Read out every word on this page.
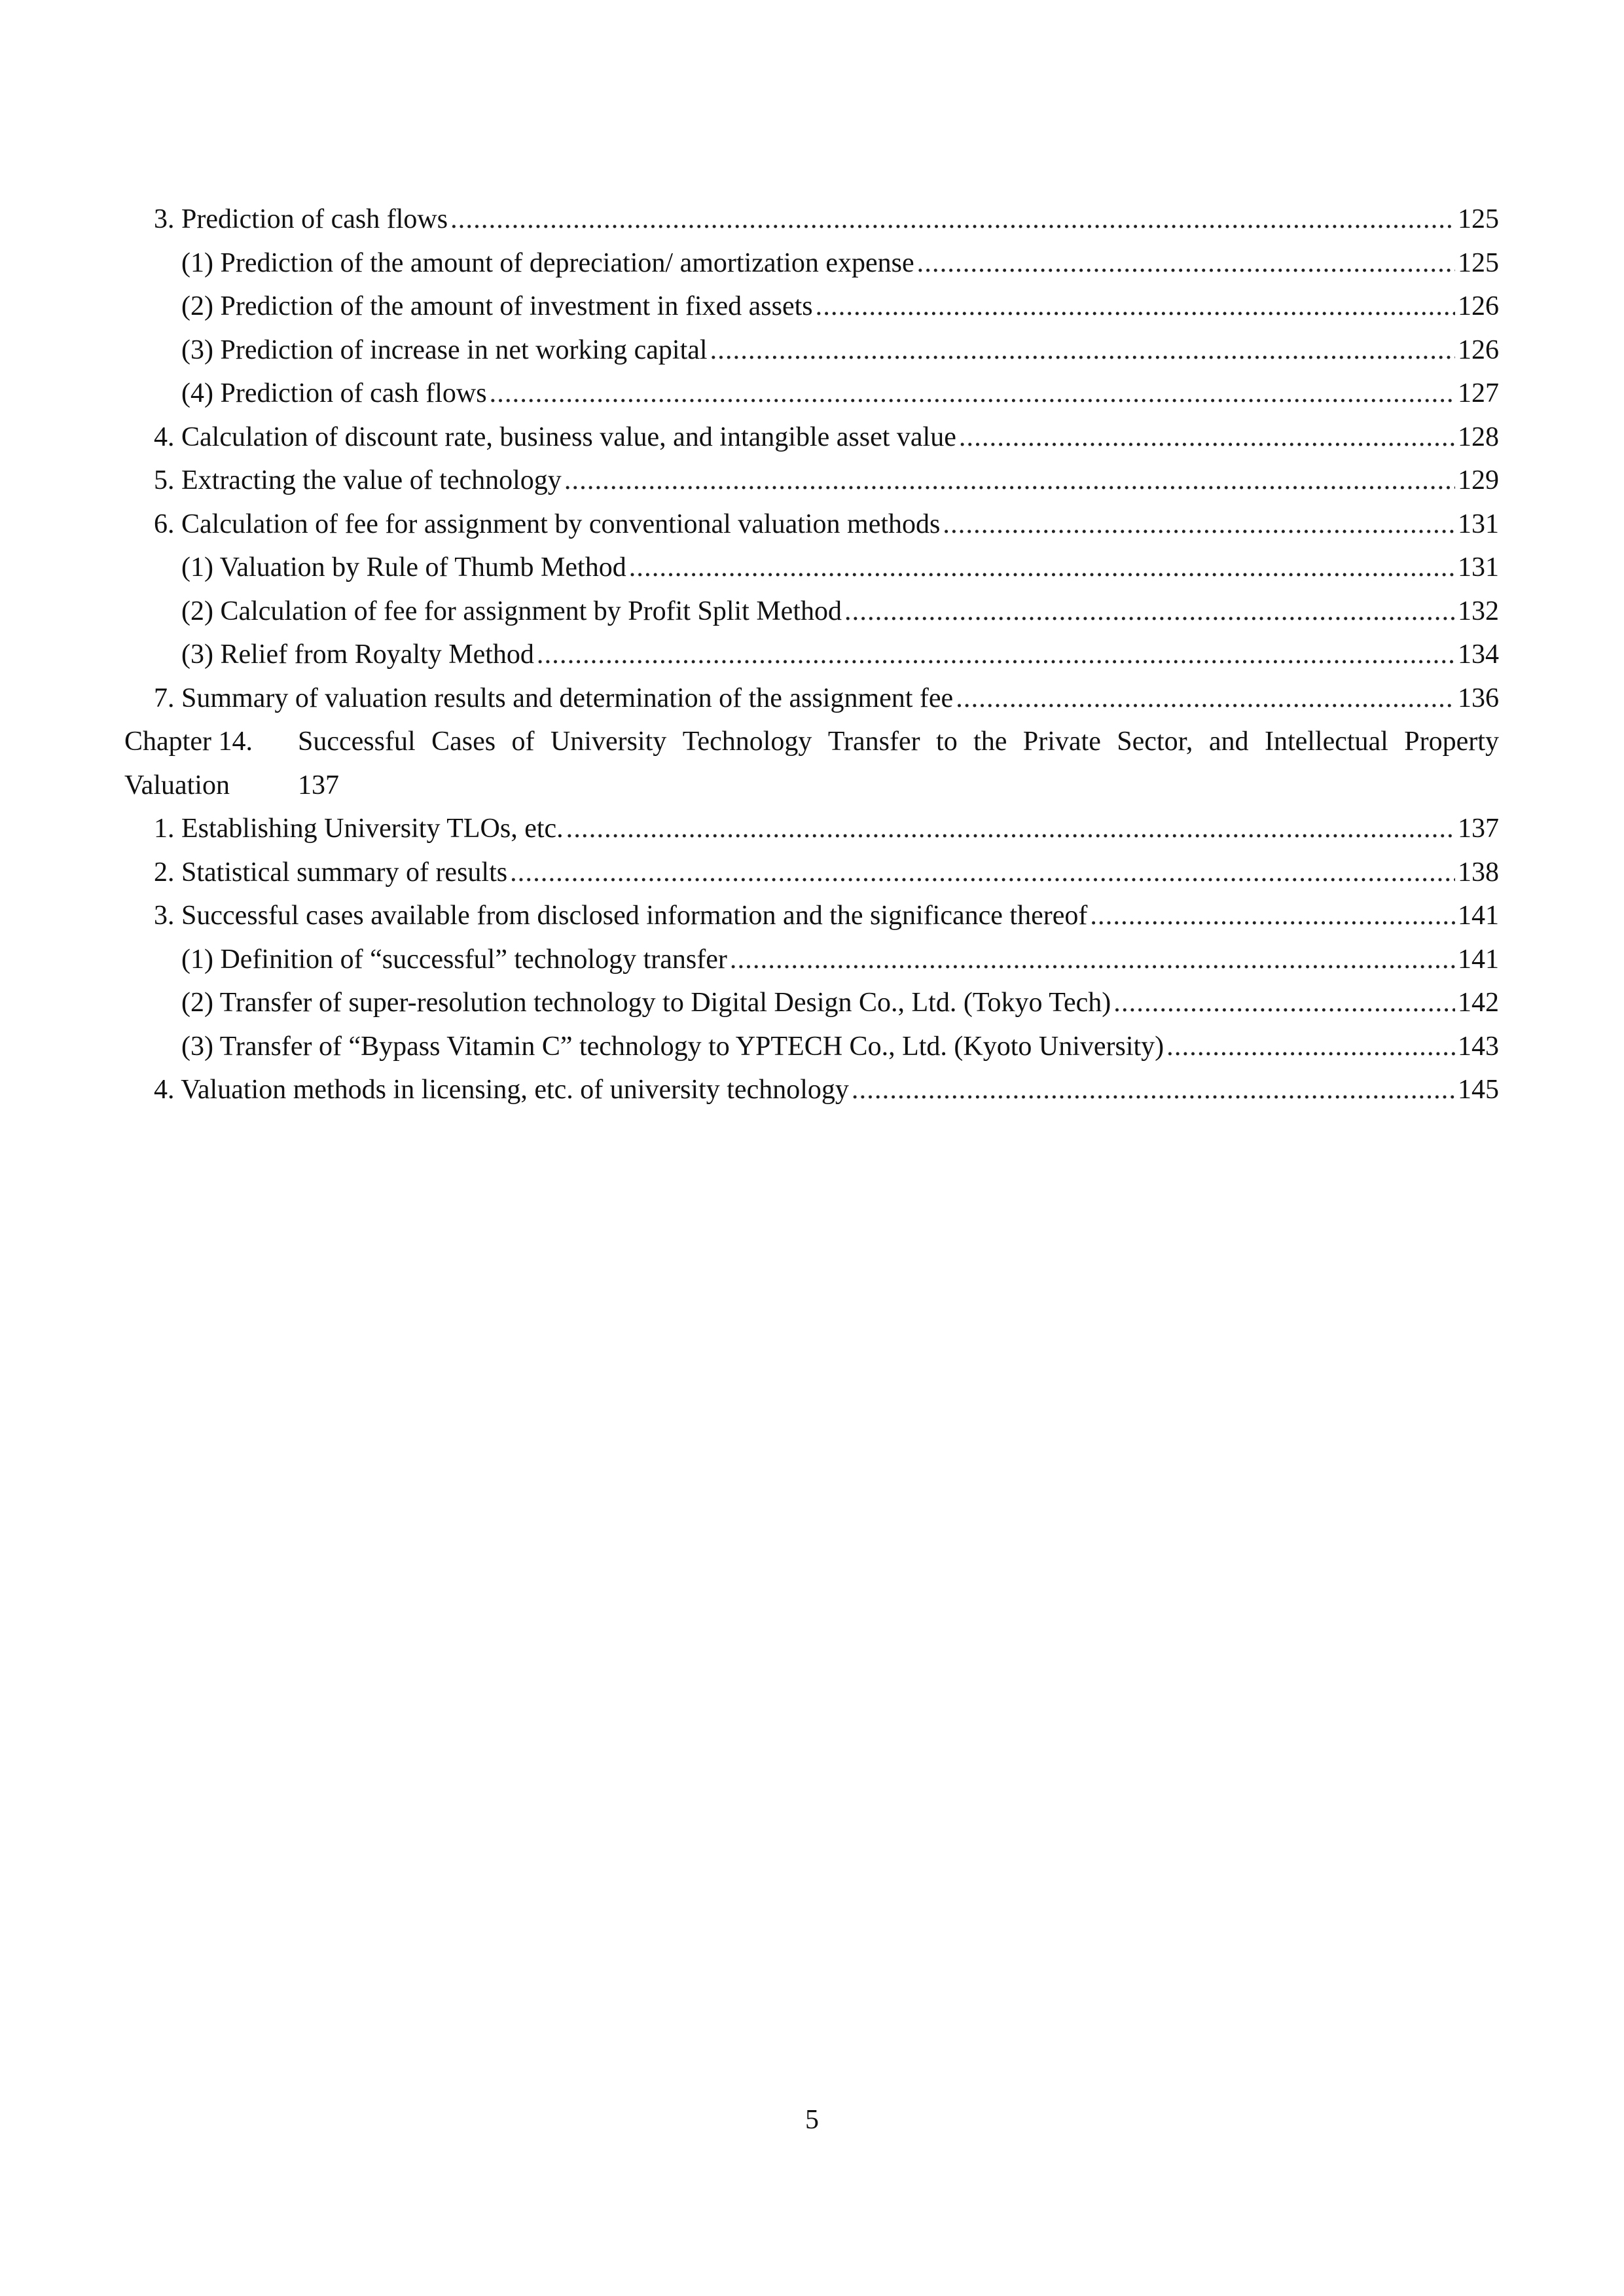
3. Prediction of cash flows .....	125
(1) Prediction of the amount of depreciation/ amortization expense .....	125
(2) Prediction of the amount of investment in fixed assets .....	126
(3) Prediction of increase in net working capital .....	126
(4) Prediction of cash flows .....	127
4. Calculation of discount rate, business value, and intangible asset value .....	128
5. Extracting the value of technology .....	129
6. Calculation of fee for assignment by conventional valuation methods .....	131
(1) Valuation by Rule of Thumb Method .....	131
(2) Calculation of fee for assignment by Profit Split Method .....	132
(3) Relief from Royalty Method .....	134
7. Summary of valuation results and determination of the assignment fee .....	136
Chapter 14.	Successful Cases of University Technology Transfer to the Private Sector, and Intellectual Property
Valuation 137
1. Establishing University TLOs, etc. .....	137
2. Statistical summary of results .....	138
3. Successful cases available from disclosed information and the significance thereof .....	141
(1) Definition of “successful” technology transfer .....	141
(2) Transfer of super-resolution technology to Digital Design Co., Ltd. (Tokyo Tech) .....	142
(3) Transfer of “Bypass Vitamin C” technology to YPTECH Co., Ltd. (Kyoto University) .....	143
4. Valuation methods in licensing, etc. of university technology .....	145
5
